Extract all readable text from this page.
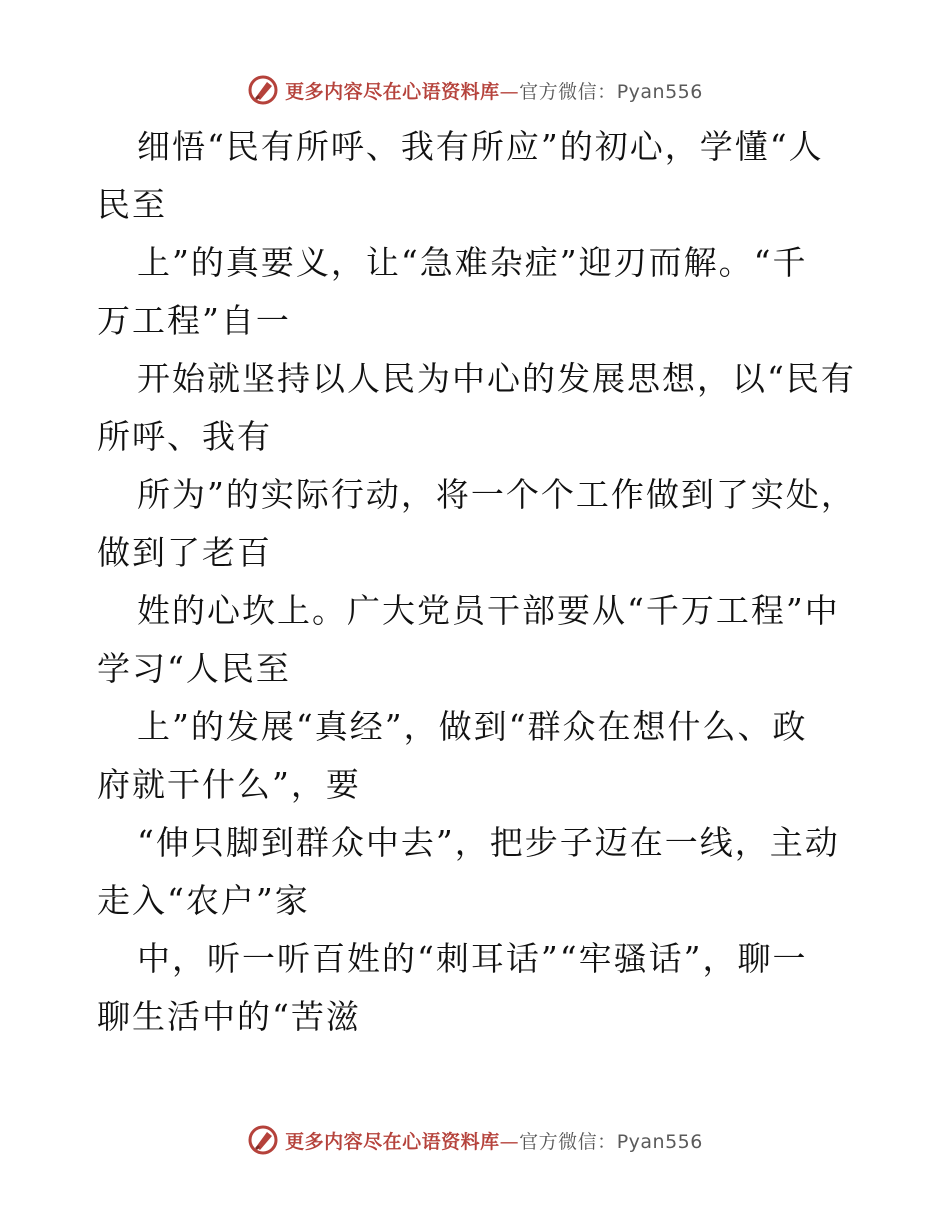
更多内容尽在心语资料库—官方微信：Pyan556

细悟“民有所呼、我有所应”的初心，学懂“人

民至

上”的真要义，让“急难杂症”迎刃而解。“千

万工程”自一

开始就坚持以人民为中心的发展思想，以“民有

所呼、我有

所为”的实际行动，将一个个工作做到了实处，

做到了老百

姓的心坎上。广大党员干部要从“千万工程”中

学习“人民至

上”的发展“真经”，做到“群众在想什么、政

府就干什么”，要

“伸只脚到群众中去”，把步子迈在一线，主动

走入“农户”家

中，听一听百姓的“刺耳话”“牢骚话”，聊一

聊生活中的“苦滋

更多内容尽在心语资料库—官方微信：Pyan556
